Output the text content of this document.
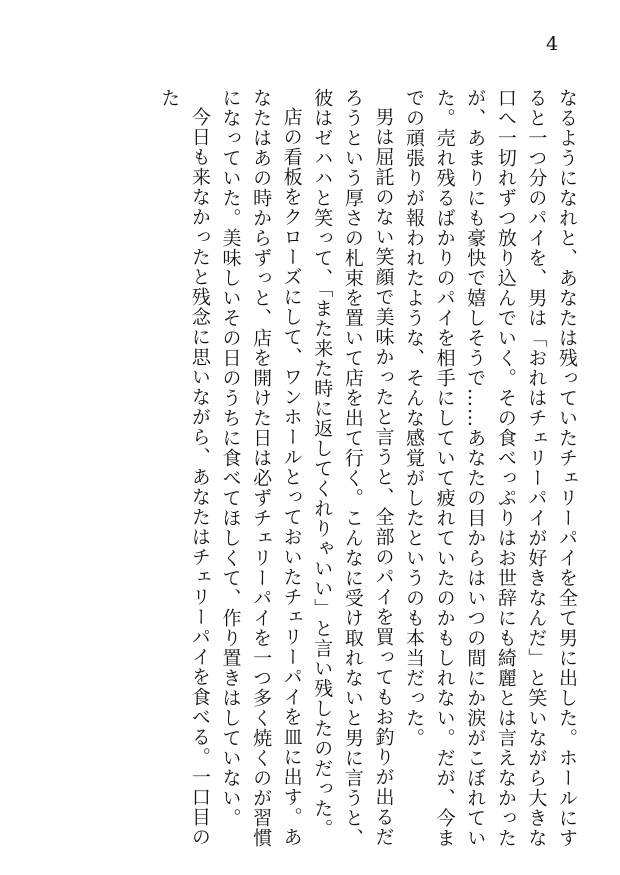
4

なるようになれと、あなたは残っていたチェリーパイを全て男に出した。ホールにすると一つ分のパイを、男は「おれはチェリーパイが好きなんだ」と笑いながら大きな口へ一切れずつ放り込んでいく。その食べっぷりはお世辞にも綺麗とは言えなかったが、あまりにも豪快で嬉しそうで……あなたの目からはいつの間にか涙がこぼれていた。売れ残るばかりのパイを相手にしていて疲れていたのかもしれない。だが、今までの頑張りが報われたような、そんな感覚がしたというのも本当だった。

男は屈託のない笑顔で美味かったと言うと、全部のパイを買ってもお釣りが出るだろうという厚さの札束を置いて店を出て行く。こんなに受け取れないと男に言うと、彼はゼハハと笑って、「また来た時に返してくれりゃいい」と言い残したのだった。

店の看板をクローズにして、ワンホールとっておいたチェリーパイを皿に出す。あなたはあの時からずっと、店を開けた日は必ずチェリーパイを一つ多く焼くのが習慣になっていた。美味しいその日のうちに食べてほしくて、作り置きはしていない。

今日も来なかったと残念に思いながら、あなたはチェリーパイを食べる。一口目のた
